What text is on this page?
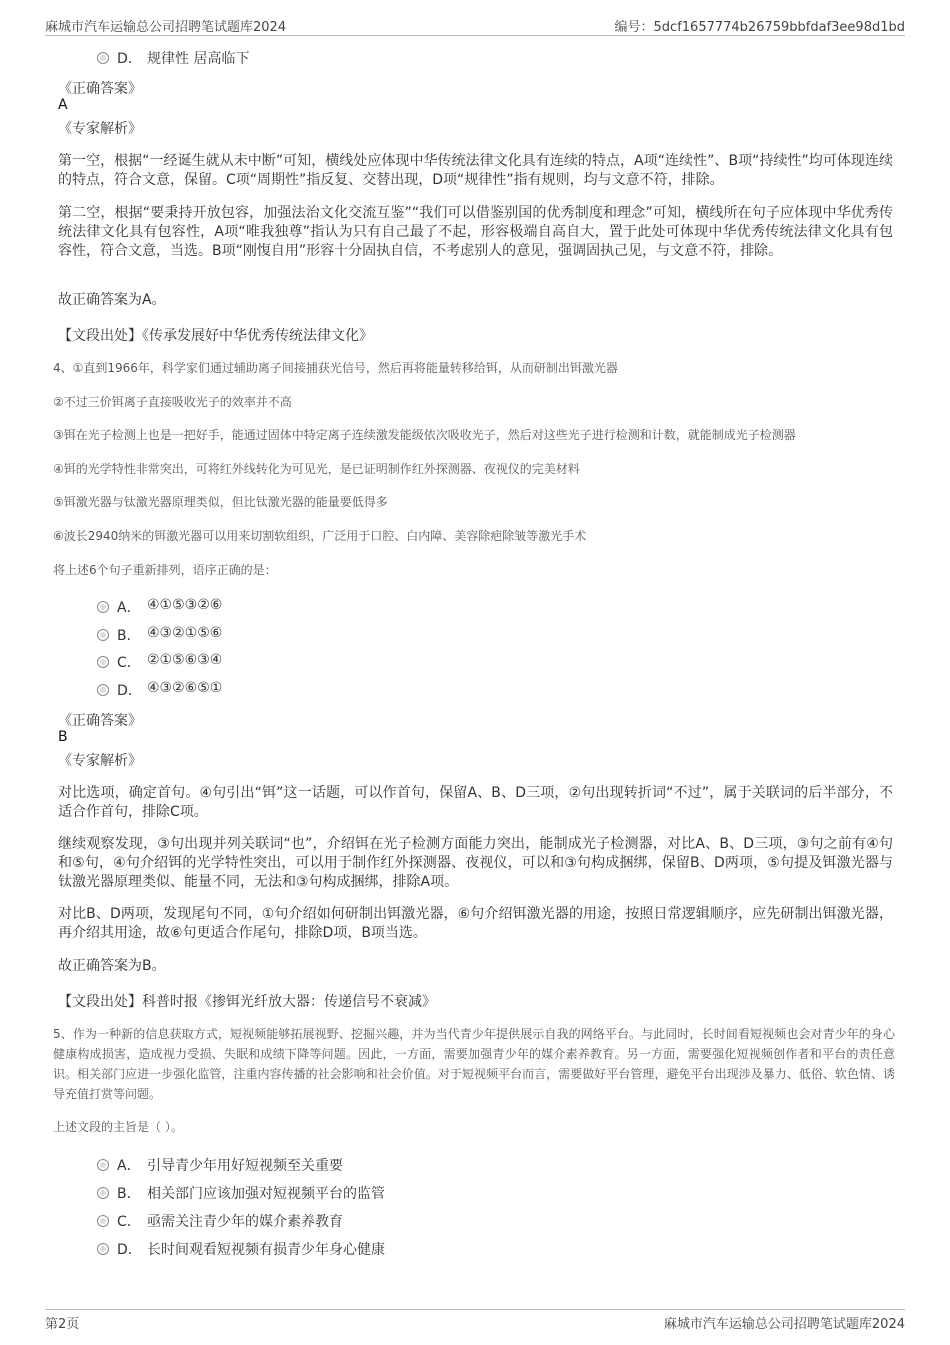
麻城市汽车运输总公司招聘笔试题库2024	编号：5dcf1657774b26759bbfdaf3ee98d1bd
D． 规律性 居高临下
《正确答案》
A
《专家解析》
第一空，根据“一经诞生就从未中断”可知，横线处应体现中华传统法律文化具有连续的特点，A项“连续性”、B项“持续性”均可体现连续的特点，符合文意，保留。C项“周期性”指反复、交替出现，D项“规律性”指有规则，均与文意不符，排除。
第二空，根据“要秉持开放包容，加强法治文化交流互鉴”“我们可以借鉴别国的优秀制度和理念”可知，横线所在句子应体现中华优秀传统法律文化具有包容性，A项“唯我独尊”指认为只有自己最了不起，形容极端自高自大，置于此处可体现中华优秀传统法律文化具有包容性，符合文意，当选。B项“刚愎自用”形容十分固执自信，不考虑别人的意见，强调固执己见，与文意不符，排除。
故正确答案为A。
【文段出处】《传承发展好中华优秀传统法律文化》
4、①直到1966年，科学家们通过辅助离子间接捕获光信号，然后再将能量转移给铒，从而研制出铒激光器
②不过三价铒离子直接吸收光子的效率并不高
③铒在光子检测上也是一把好手，能通过固体中特定离子连续激发能级依次吸收光子，然后对这些光子进行检测和计数，就能制成光子检测器
④铒的光学特性非常突出，可将红外线转化为可见光，是已证明制作红外探测器、夜视仪的完美材料
⑤铒激光器与钛激光器原理类似，但比钛激光器的能量要低得多
⑥波长2940纳米的铒激光器可以用来切割软组织，广泛用于口腔、白内障、美容除疤除皱等激光手术
将上述6个句子重新排列，语序正确的是：
A． ④①⑤③②⑥
B． ④③②①⑤⑥
C． ②①⑤⑥③④
D． ④③②⑥⑤①
《正确答案》
B
《专家解析》
对比选项，确定首句。④句引出“铒”这一话题，可以作首句，保留A、B、D三项，②句出现转折词“不过”，属于关联词的后半部分，不适合作首句，排除C项。
继续观察发现，③句出现并列关联词“也”，介绍铒在光子检测方面能力突出，能制成光子检测器，对比A、B、D三项，③句之前有④句和⑤句，④句介绍铒的光学特性突出，可以用于制作红外探测器、夜视仪，可以和③句构成捆绑，保留B、D两项，⑤句提及铒激光器与钛激光器原理类似、能量不同，无法和③句构成捆绑，排除A项。
对比B、D两项，发现尾句不同，①句介绍如何研制出铒激光器，⑥句介绍铒激光器的用途，按照日常逻辑顺序，应先研制出铒激光器，再介绍其用途，故⑥句更适合作尾句，排除D项，B项当选。
故正确答案为B。
【文段出处】科普时报《掺铒光纤放大器：传递信号不衰减》
5、作为一种新的信息获取方式，短视频能够拓展视野、挖掘兴趣，并为当代青少年提供展示自我的网络平台。与此同时，长时间看短视频也会对青少年的身心健康构成损害，造成视力受损、失眠和成绩下降等问题。因此，一方面，需要加强青少年的媒介素养教育。另一方面，需要强化短视频创作者和平台的责任意识。相关部门应进一步强化监管，注重内容传播的社会影响和社会价值。对于短视频平台而言，需要做好平台管理，避免平台出现涉及暴力、低俗、软色情、诱导充值打赏等问题。
上述文段的主旨是（ ）。
A． 引导青少年用好短视频至关重要
B． 相关部门应该加强对短视频平台的监管
C． 亟需关注青少年的媒介素养教育
D． 长时间观看短视频有损青少年身心健康
第2页	麻城市汽车运输总公司招聘笔试题库2024
